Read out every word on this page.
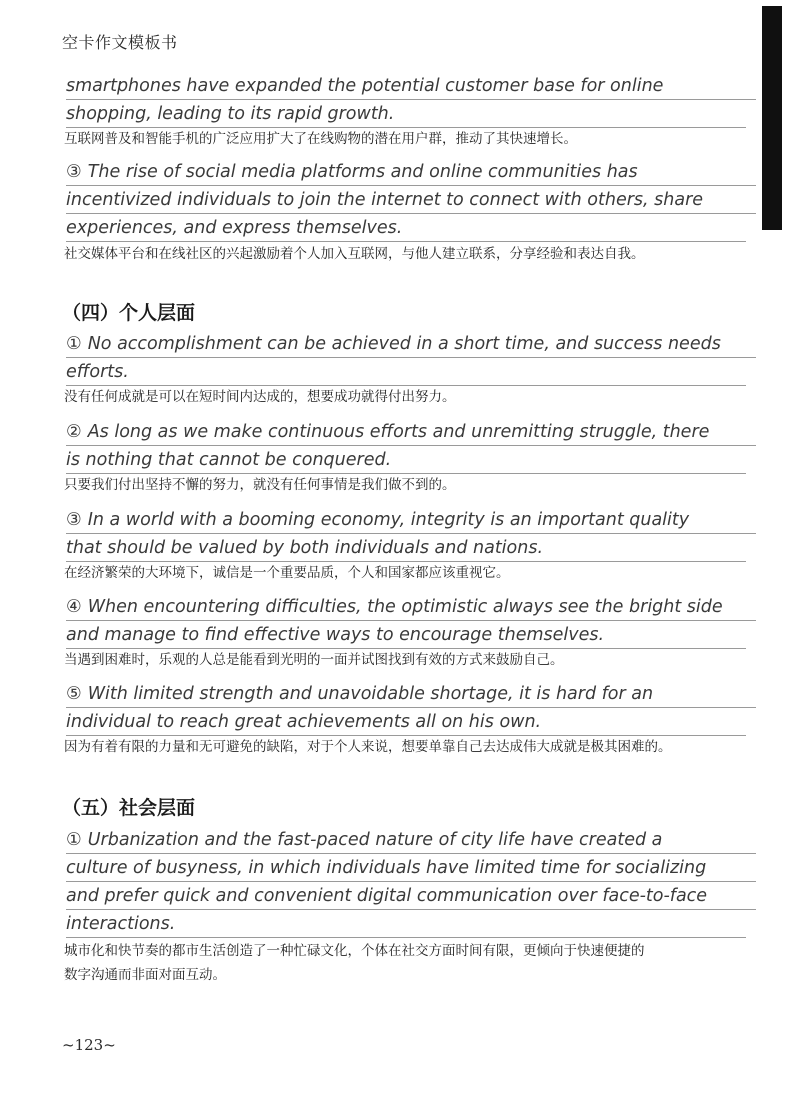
空卡作文模板书
smartphones have expanded the potential customer base for online
shopping, leading to its rapid growth.
互联网普及和智能手机的广泛应用扩大了在线购物的潜在用户群，推动了其快速增长。
③ The rise of social media platforms and online communities has
incentivized individuals to join the internet to connect with others, share
experiences, and express themselves.
社交媒体平台和在线社区的兴起激励着个人加入互联网，与他人建立联系，分享经验和表达自我。
（四）个人层面
① No accomplishment can be achieved in a short time, and success needs
efforts.
没有任何成就是可以在短时间内达成的，想要成功就得付出努力。
② As long as we make continuous efforts and unremitting struggle, there
is nothing that cannot be conquered.
只要我们付出坚持不懈的努力，就没有任何事情是我们做不到的。
③ In a world with a booming economy, integrity is an important quality
that should be valued by both individuals and nations.
在经济繁荣的大环境下，诚信是一个重要品质，个人和国家都应该重视它。
④ When encountering difficulties, the optimistic always see the bright side
and manage to find effective ways to encourage themselves.
当遇到困难时，乐观的人总是能看到光明的一面并试图找到有效的方式来鼓励自己。
⑤ With limited strength and unavoidable shortage, it is hard for an
individual to reach great achievements all on his own.
因为有着有限的力量和无可避免的缺陷，对于个人来说，想要单靠自己去达成伟大成就是极其困难的。
（五）社会层面
① Urbanization and the fast-paced nature of city life have created a
culture of busyness, in which individuals have limited time for socializing
and prefer quick and convenient digital communication over face-to-face
interactions.
城市化和快节奏的都市生活创造了一种忙碌文化，个体在社交方面时间有限，更倾向于快速便捷的
数字沟通而非面对面互动。
~123~
